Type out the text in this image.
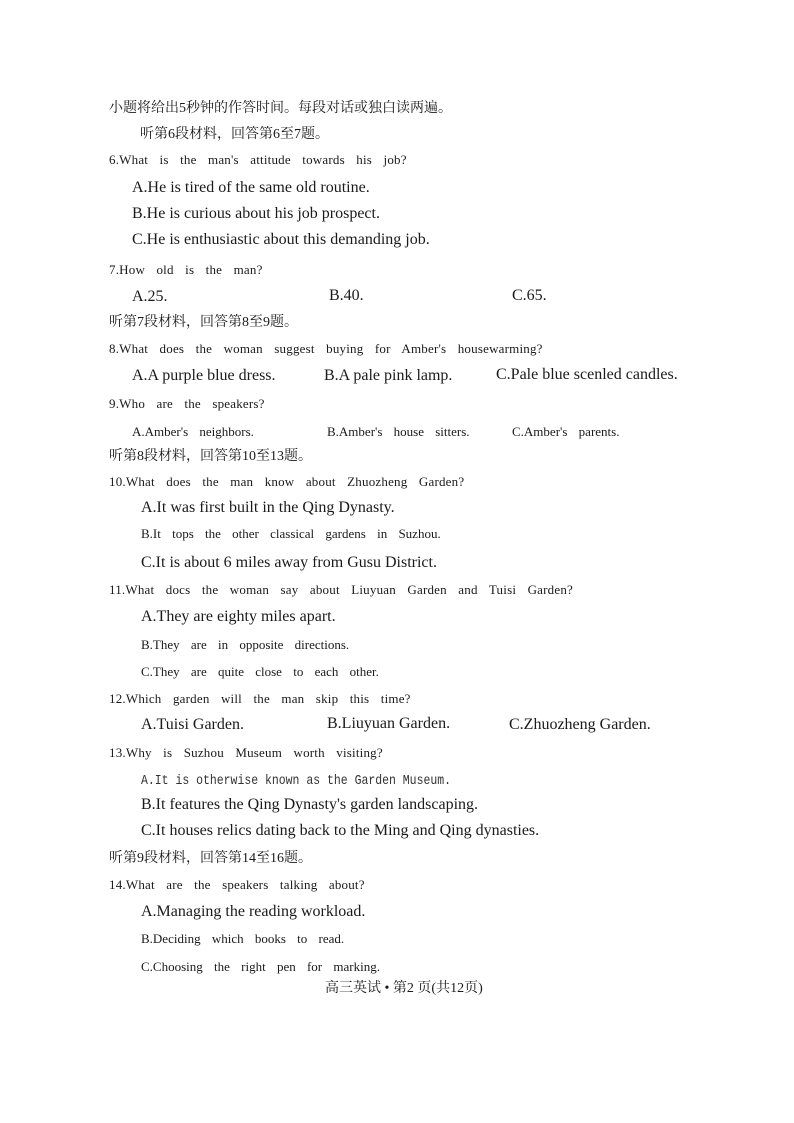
小题将给出5秒钟的作答时间。每段对话或独白读两遍。
听第6段材料，回答第6至7题。
6.What is the man's attitude towards his job?
A.He is tired of the same old routine.
B.He is curious about his job prospect.
C.He is enthusiastic about this demanding job.
7.How old is the man?
A.25.	B.40.	C.65.
听第7段材料，回答第8至9题。
8.What does the woman suggest buying for Amber's housewarming?
A.A purple blue dress.	B.A pale pink lamp.	C.Pale blue scenled candles.
9.Who are the speakers?
A.Amber's neighbors.	B.Amber's house sitters.	C.Amber's parents.
听第8段材料，回答第10至13题。
10.What does the man know about Zhuozheng Garden?
A.It was first built in the Qing Dynasty.
B.It tops the other classical gardens in Suzhou.
C.It is about 6 miles away from Gusu District.
11.What docs the woman say about Liuyuan Garden and Tuisi Garden?
A.They are eighty miles apart.
B.They are in opposite directions.
C.They are quite close to each other.
12.Which garden will the man skip this time?
A.Tuisi Garden.	B.Liuyuan Garden.	C.Zhuozheng Garden.
13.Why is Suzhou Museum worth visiting?
A.It is otherwise known as the Garden Museum.
B.It features the Qing Dynasty's garden landscaping.
C.It houses relics dating back to the Ming and Qing dynasties.
听第9段材料，回答第14至16题。
14.What are the speakers talking about?
A.Managing the reading workload.
B.Deciding which books to read.
C.Choosing the right pen for marking.
高三英试 • 第2 页(共12页)
